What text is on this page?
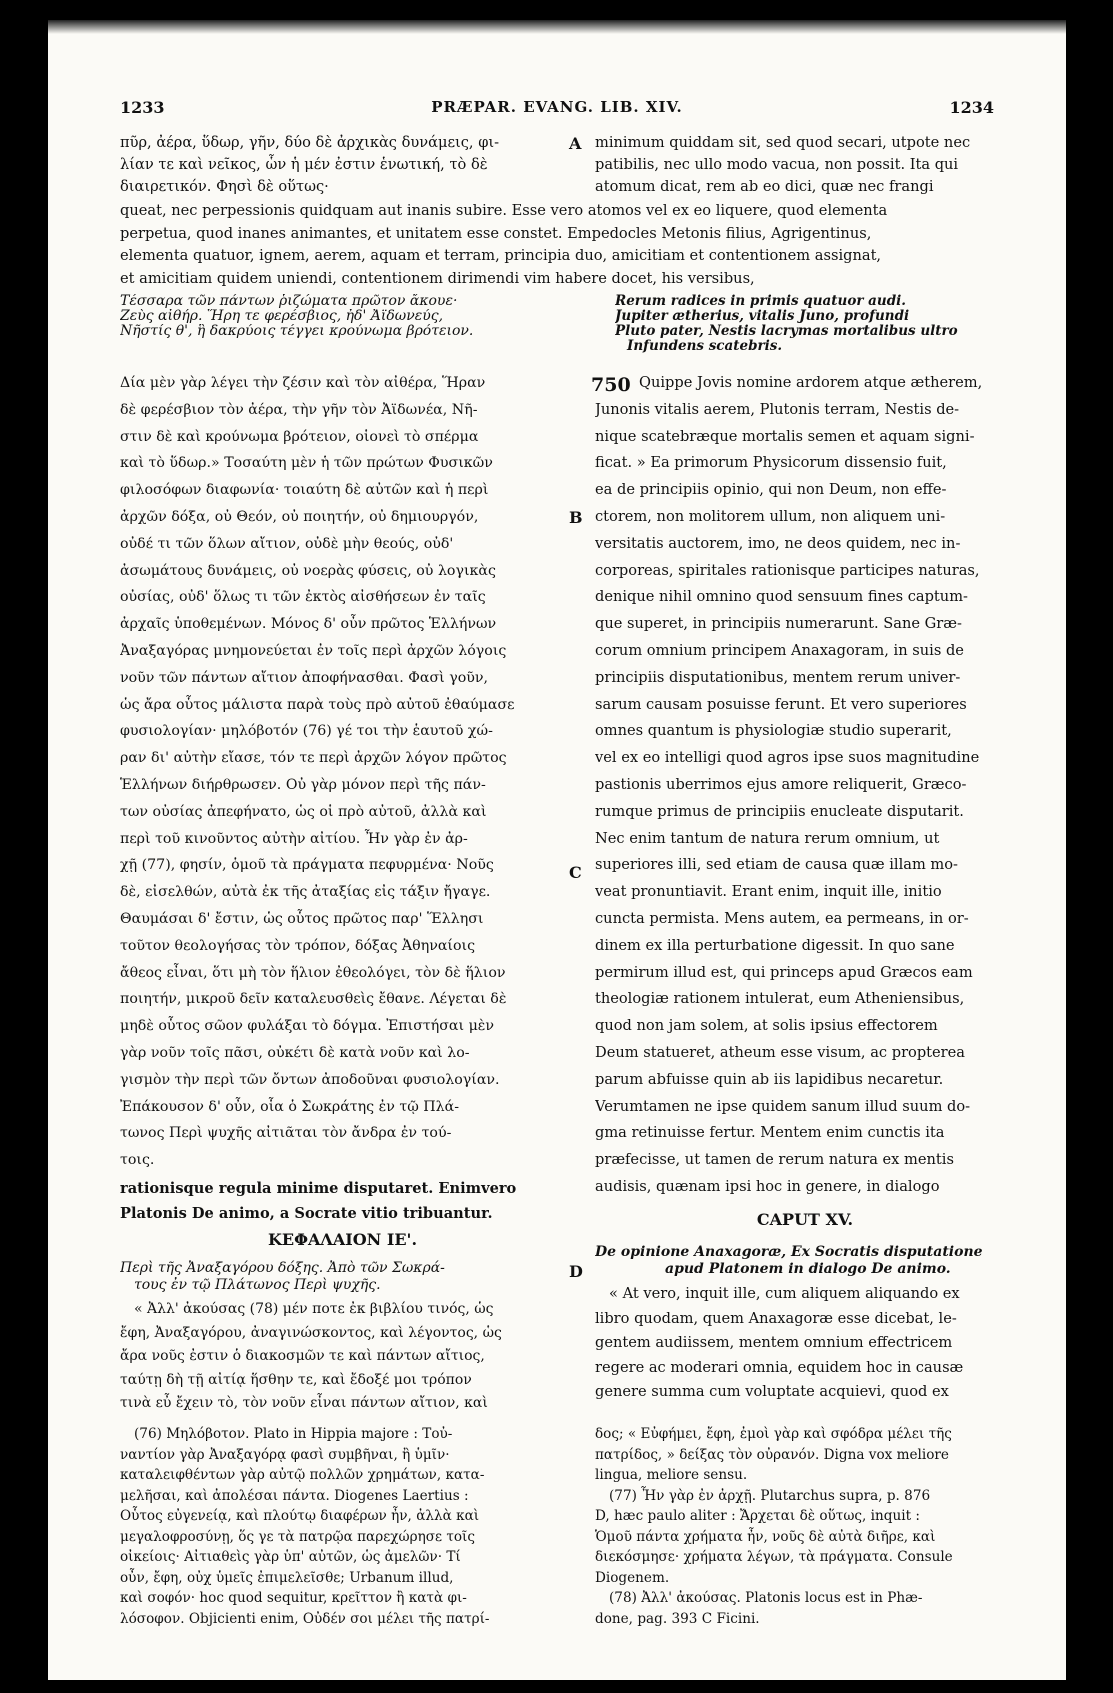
1233	PRÆPAR. EVANG. LIB. XIV.	1234
πῦρ, ἀέρα, ὕδωρ, γῆν, δύο δὲ ἀρχικὰς δυνάμεις, φι-
λίαν τε καὶ νεῖκος, ὧν ἡ μέν ἐστιν ἑνωτική, τὸ δὲ
διαιρετικόν. Φησὶ δὲ οὕτως·
A minimum quiddam sit, sed quod secari, utpote nec
patibilis, nec ullo modo vacua, non possit. Ita qui
atomum dicat, rem ab eo dici, quæ nec frangi
queat, nec perpessionis quidquam aut inanis subire. Esse vero atomos vel ex eo liquere, quod elementa
perpetua, quod inanes animantes, et unitatem esse constet. Empedocles Metonis filius, Agrigentinus,
elementa quatuor, ignem, aerem, aquam et terram, principia duo, amicitiam et contentionem assignat,
et amicitiam quidem uniendi, contentionem dirimendi vim habere docet, his versibus,
Τέσσαρα τῶν πάντων ῥιζώματα πρῶτον ἄκουε·
Ζεὺς αἰθήρ. Ἥρη τε φερέσβιος, ἠδ' Ἀϊδωνεύς,
Νῆστίς θ', ἣ δακρύοις τέγγει κρούνωμα βρότειον.
Rerum radices in primis quatuor audi.
Jupiter ætherius, vitalis Juno, profundi
Pluto pater, Nestis lacrymas mortalibus ultro
Infundens scatebris.
Δία μὲν γὰρ λέγει τὴν ζέσιν καὶ τὸν αἰθέρα, Ἥραν
δὲ φερέσβιον τὸν ἀέρα, τὴν γῆν τὸν Ἀϊδωνέα, Νῆ-
στιν δὲ καὶ κρούνωμα βρότειον, οἱονεὶ τὸ σπέρμα
καὶ τὸ ὕδωρ.» Τοσαύτη μὲν ἡ τῶν πρώτων Φυσικῶν
φιλοσόφων διαφωνία· τοιαύτη δὲ αὐτῶν καὶ ἡ περὶ
ἀρχῶν δόξα, οὐ Θεόν, οὐ ποιητήν, οὐ δημιουργόν,
οὐδέ τι τῶν ὅλων αἴτιον, οὐδὲ μὴν θεούς, οὐδ'
ἀσωμάτους δυνάμεις, οὐ νοερὰς φύσεις, οὐ λογικὰς
οὐσίας, οὐδ' ὅλως τι τῶν ἐκτὸς αἰσθήσεων ἐν ταῖς
ἀρχαῖς ὑποθεμένων. Μόνος δ' οὖν πρῶτος Ἑλλήνων
Ἀναξαγόρας μνημονεύεται ἐν τοῖς περὶ ἀρχῶν λόγοις
νοῦν τῶν πάντων αἴτιον ἀποφήνασθαι. Φασὶ γοῦν,
ὡς ἄρα οὗτος μάλιστα παρὰ τοὺς πρὸ αὐτοῦ ἐθαύμασε
φυσιολογίαν· μηλόβοτόν (76) γέ τοι τὴν ἑαυτοῦ χώ-
ραν δι' αὐτὴν εἴασε, τόν τε περὶ ἀρχῶν λόγον πρῶτος
Ἑλλήνων διήρθρωσεν. Οὐ γὰρ μόνον περὶ τῆς πάν-
των οὐσίας ἀπεφήνατο, ὡς οἱ πρὸ αὐτοῦ, ἀλλὰ καὶ
περὶ τοῦ κινοῦντος αὐτὴν αἰτίου. Ἦν γὰρ ἐν ἀρ-
χῇ (77), φησίν, ὁμοῦ τὰ πράγματα πεφυρμένα· Νοῦς
δὲ, εἰσελθών, αὐτὰ ἐκ τῆς ἀταξίας εἰς τάξιν ἤγαγε.
Θαυμάσαι δ' ἔστιν, ὡς οὗτος πρῶτος παρ' Ἕλλησι
τοῦτον θεολογήσας τὸν τρόπον, δόξας Ἀθηναίοις
ἄθεος εἶναι, ὅτι μὴ τὸν ἥλιον ἐθεολόγει, τὸν δὲ ἥλιον
ποιητήν, μικροῦ δεῖν καταλευσθεὶς ἔθανε. Λέγεται δὲ
μηδὲ οὗτος σῶον φυλάξαι τὸ δόγμα. Ἐπιστήσαι μὲν
γὰρ νοῦν τοῖς πᾶσι, οὐκέτι δὲ κατὰ νοῦν καὶ λο-
γισμὸν τὴν περὶ τῶν ὄντων ἀποδοῦναι φυσιολογίαν.
Ἐπάκουσον δ' οὖν, οἷα ὁ Σωκράτης ἐν τῷ Πλά-
τωνος Περὶ ψυχῆς αἰτιᾶται τὸν ἄνδρα ἐν τού-
τοις.
B
C
750 Quippe Jovis nomine ardorem atque ætherem,
Junonis vitalis aerem, Plutonis terram, Nestis de-
nique scatebræque mortalis semen et aquam signi-
ficat. » Ea primorum Physicorum dissensio fuit,
ea de principiis opinio, qui non Deum, non effe-
ctorem, non molitorem ullum, non aliquem uni-
versitatis auctorem, imo, ne deos quidem, nec in-
corporeas, spiritales rationisque participes naturas,
denique nihil omnino quod sensuum fines captum-
que superet, in principiis numerarunt. Sane Græ-
corum omnium principem Anaxagoram, in suis de
principiis disputationibus, mentem rerum univer-
sarum causam posuisse ferunt. Et vero superiores
omnes quantum is physiologiæ studio superarit,
vel ex eo intelligi quod agros ipse suos magnitudine
pastionis uberrimos ejus amore reliquerit, Græco-
rumque primus de principiis enucleate disputarit.
Nec enim tantum de natura rerum omnium, ut
superiores illi, sed etiam de causa quæ illam mo-
veat pronuntiavit. Erant enim, inquit ille, initio
cuncta permista. Mens autem, ea permeans, in or-
dinem ex illa perturbatione digessit. In quo sane
permirum illud est, qui princeps apud Græcos eam
theologiæ rationem intulerat, eum Atheniensibus,
quod non jam solem, at solis ipsius effectorem
Deum statueret, atheum esse visum, ac propterea
parum abfuisse quin ab iis lapidibus necaretur.
Verumtamen ne ipse quidem sanum illud suum do-
gma retinuisse fertur. Mentem enim cunctis ita
præfecisse, ut tamen de rerum natura ex mentis
audisis, quænam ipsi hoc in genere, in dialogo
rationisque regula minime disputaret. Enimvero
Platonis De animo, a Socrate vitio tribuantur.
ΚΕΦΑΛΑΙΟΝ ΙΕ'.
Περὶ τῆς Ἀναξαγόρου δόξης. Ἀπὸ τῶν Σωκρά-
τους ἐν τῷ Πλάτωνος Περὶ ψυχῆς.
D
« Ἀλλ' ἀκούσας (78) μέν ποτε ἐκ βιβλίου τινός, ὡς
ἔφη, Ἀναξαγόρου, ἀναγινώσκοντος, καὶ λέγοντος, ὡς
ἄρα νοῦς ἐστιν ὁ διακοσμῶν τε καὶ πάντων αἴτιος,
ταύτῃ δὴ τῇ αἰτίᾳ ἥσθην τε, καὶ ἔδοξέ μοι τρόπον
τινὰ εὖ ἔχειν τὸ, τὸν νοῦν εἶναι πάντων αἴτιον, καὶ
CAPUT XV.
De opinione Anaxagoræ, Ex Socratis disputatione
apud Platonem in dialogo De animo.
« At vero, inquit ille, cum aliquem aliquando ex
libro quodam, quem Anaxagoræ esse dicebat, le-
gentem audiissem, mentem omnium effectricem
regere ac moderari omnia, equidem hoc in causæ
genere summa cum voluptate acquievi, quod ex
(76) Μηλόβοτον. Plato in Hippia majore : Τοὐ-
ναντίον γὰρ Ἀναξαγόρᾳ φασὶ συμβῆναι, ἢ ὑμῖν·
καταλειφθέντων γὰρ αὐτῷ πολλῶν χρημάτων, κατα-
μελῆσαι, καὶ ἀπολέσαι πάντα. Diogenes Laertius :
Οὗτος εὐγενείᾳ, καὶ πλούτῳ διαφέρων ἦν, ἀλλὰ καὶ
μεγαλοφροσύνῃ, ὅς γε τὰ πατρῷα παρεχώρησε τοῖς
οἰκείοις· Αἰτιαθεὶς γὰρ ὑπ' αὐτῶν, ὡς ἀμελῶν· Τί
οὖν, ἔφη, οὐχ ὑμεῖς ἐπιμελεῖσθε; Urbanum illud,
καὶ σοφόν· hoc quod sequitur, κρεῖττον ἢ κατὰ φι-
λόσοφον. Objicienti enim, Οὐδέν σοι μέλει τῆς πατρί-
δος; « Εὐφήμει, ἔφη, ἐμοὶ γὰρ καὶ σφόδρα μέλει τῆς
πατρίδος, » δείξας τὸν οὐρανόν. Digna vox meliore
lingua, meliore sensu.
(77) Ἦν γὰρ ἐν ἀρχῇ. Plutarchus supra, p. 876
D, hæc paulo aliter : Ἄρχεται δὲ οὕτως, inquit :
Ὁμοῦ πάντα χρήματα ἦν, νοῦς δὲ αὐτὰ διῆρε, καὶ
διεκόσμησε· χρήματα λέγων, τὰ πράγματα. Consule
Diogenem.
(78) Ἀλλ' ἀκούσας. Platonis locus est in Phæ-
done, pag. 393 C Ficini.
